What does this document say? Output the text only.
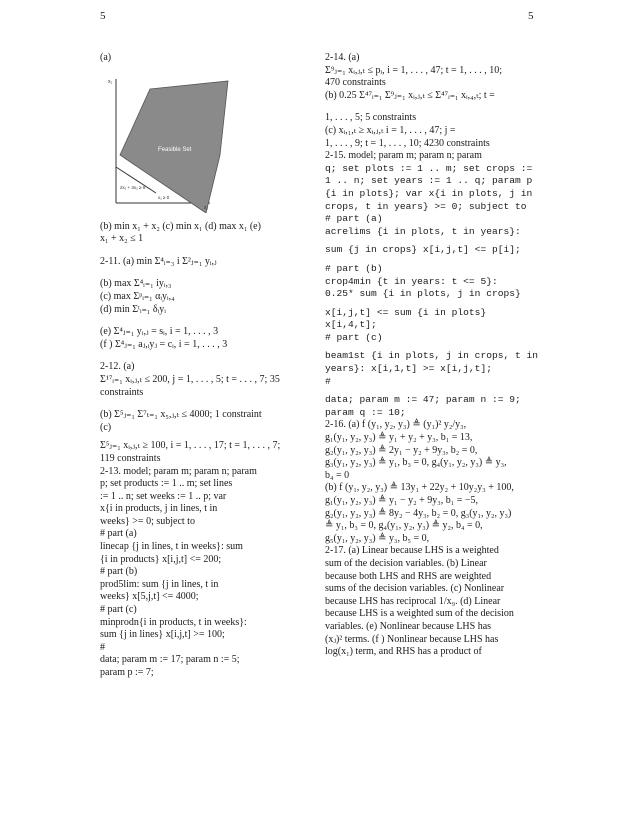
5	5
(a)
Feasible Set
x₂
x₁
2x₁ + 3x₂ ≥ 6
x₁ ≥ 0
(b) min x₁ + x₂ (c) min x₁ (d) max x₁ (e)
x₁ + x₂ ≤ 1
2-11. (a) min Σ⁴ᵢ₌₃ i Σ²ⱼ₌₁ yᵢ,ⱼ
(b) max Σ⁴ᵢ₌₁ iyᵢ,₃
(c) max Σᵖᵢ₌₁ αᵢyᵢ,₄
(d) min Σᵗᵢ₌₁ δᵢyᵢ
(e) Σ⁴ⱼ₌₁ yᵢ,ⱼ = sᵢ, i = 1, . . . , 3
(f ) Σ⁴ⱼ₌₁ aⱼ,ᵢyⱼ = cᵢ, i = 1, . . . , 3
2-12. (a)
Σ¹⁷ᵢ₌₁ xᵢ,ⱼ,ₜ ≤ 200, j = 1, . . . , 5; t = . . . , 7; 35
constraints
(b) Σ⁵ⱼ₌₁ Σ⁷ₜ₌₁ x₅,ⱼ,ₜ ≤ 4000; 1 constraint
(c)
Σ⁵ⱼ₌₁ xᵢ,ⱼ,ₜ ≥ 100, i = 1, . . . , 17; t = 1, . . . , 7;
119 constraints
2-13. model; param m; param n; param
p; set products := 1 .. m; set lines
:= 1 .. n; set weeks := 1 .. p; var
x{i in products, j in lines, t in
weeks} >= 0; subject to
# part (a)
linecap {j in lines, t in weeks}: sum
{i in products} x[i,j,t] <= 200;
# part (b)
prod5lim: sum {j in lines, t in
weeks} x[5,j,t] <= 4000;
# part (c)
minprodn{i in products, t in weeks}:
sum {j in lines} x[i,j,t] >= 100;
#
data; param m := 17; param n := 5;
param p := 7;
2-14. (a)
Σ⁹ⱼ₌₁ xᵢ,ⱼ,ₜ ≤ pᵢ, i = 1, . . . , 47; t = 1, . . . , 10;
470 constraints
(b) 0.25 Σ⁴⁷ᵢ₌₁ Σ⁹ⱼ₌₁ xᵢ,ⱼ,ₜ ≤ Σ⁴⁷ᵢ₌₁ xᵢ,₄,ₜ; t =
1, . . . , 5; 5 constraints
(c) xᵢ,₁,ₜ ≥ xᵢ,ⱼ,ₜ i = 1, . . . , 47; j =
1, . . . , 9; t = 1, . . . , 10; 4230 constraints
2-15. model; param m; param n; param
q; set plots := 1 .. m; set crops :=
1 .. n; set years := 1 .. q; param p
{i in plots}; var x{i in plots, j in
crops, t in years} >= 0; subject to
# part (a)
acrelims {i in plots, t in years}:
sum {j in crops} x[i,j,t] <= p[i];
# part (b)
crop4min {t in years: t <= 5}:
0.25* sum {i in plots, j in crops}
x[i,j,t] <= sum {i in plots}
x[i,4,t];
# part (c)
beam1st {i in plots, j in crops, t in
years}: x[i,1,t] >= x[i,j,t];
#
data; param m := 47; param n := 9;
param q := 10;
2-16. (a) f (y₁, y₂, y₃) ≜ (y₁)² y₂/y₃,
g₁(y₁, y₂, y₃) ≜ y₁ + y₂ + y₃, b₁ = 13,
g₂(y₁, y₂, y₃) ≜ 2y₁ − y₂ + 9y₃, b₂ = 0,
g₃(y₁, y₂, y₃) ≜ y₁, b₃ = 0, g₄(y₁, y₂, y₃) ≜ y₃,
b₄ = 0
(b) f (y₁, y₂, y₃) ≜ 13y₁ + 22y₂ + 10y₂y₃ + 100,
g₁(y₁, y₂, y₃) ≜ y₁ − y₂ + 9y₃, b₁ = −5,
g₂(y₁, y₂, y₃) ≜ 8y₂ − 4y₃, b₂ = 0, g₃(y₁, y₂, y₃)
≜ y₁, b₃ = 0, g₄(y₁, y₂, y₃) ≜ y₂, b₄ = 0,
g₅(y₁, y₂, y₃) ≜ y₃, b₅ = 0,
2-17. (a) Linear because LHS is a weighted
sum of the decision variables. (b) Linear
because both LHS and RHS are weighted
sums of the decision variables. (c) Nonlinear
because LHS has reciprocal 1/x₉. (d) Linear
because LHS is a weighted sum of the decision
variables. (e) Nonlinear because LHS has
(xⱼ)² terms. (f ) Nonlinear because LHS has
log(x₁) term, and RHS has a product of
